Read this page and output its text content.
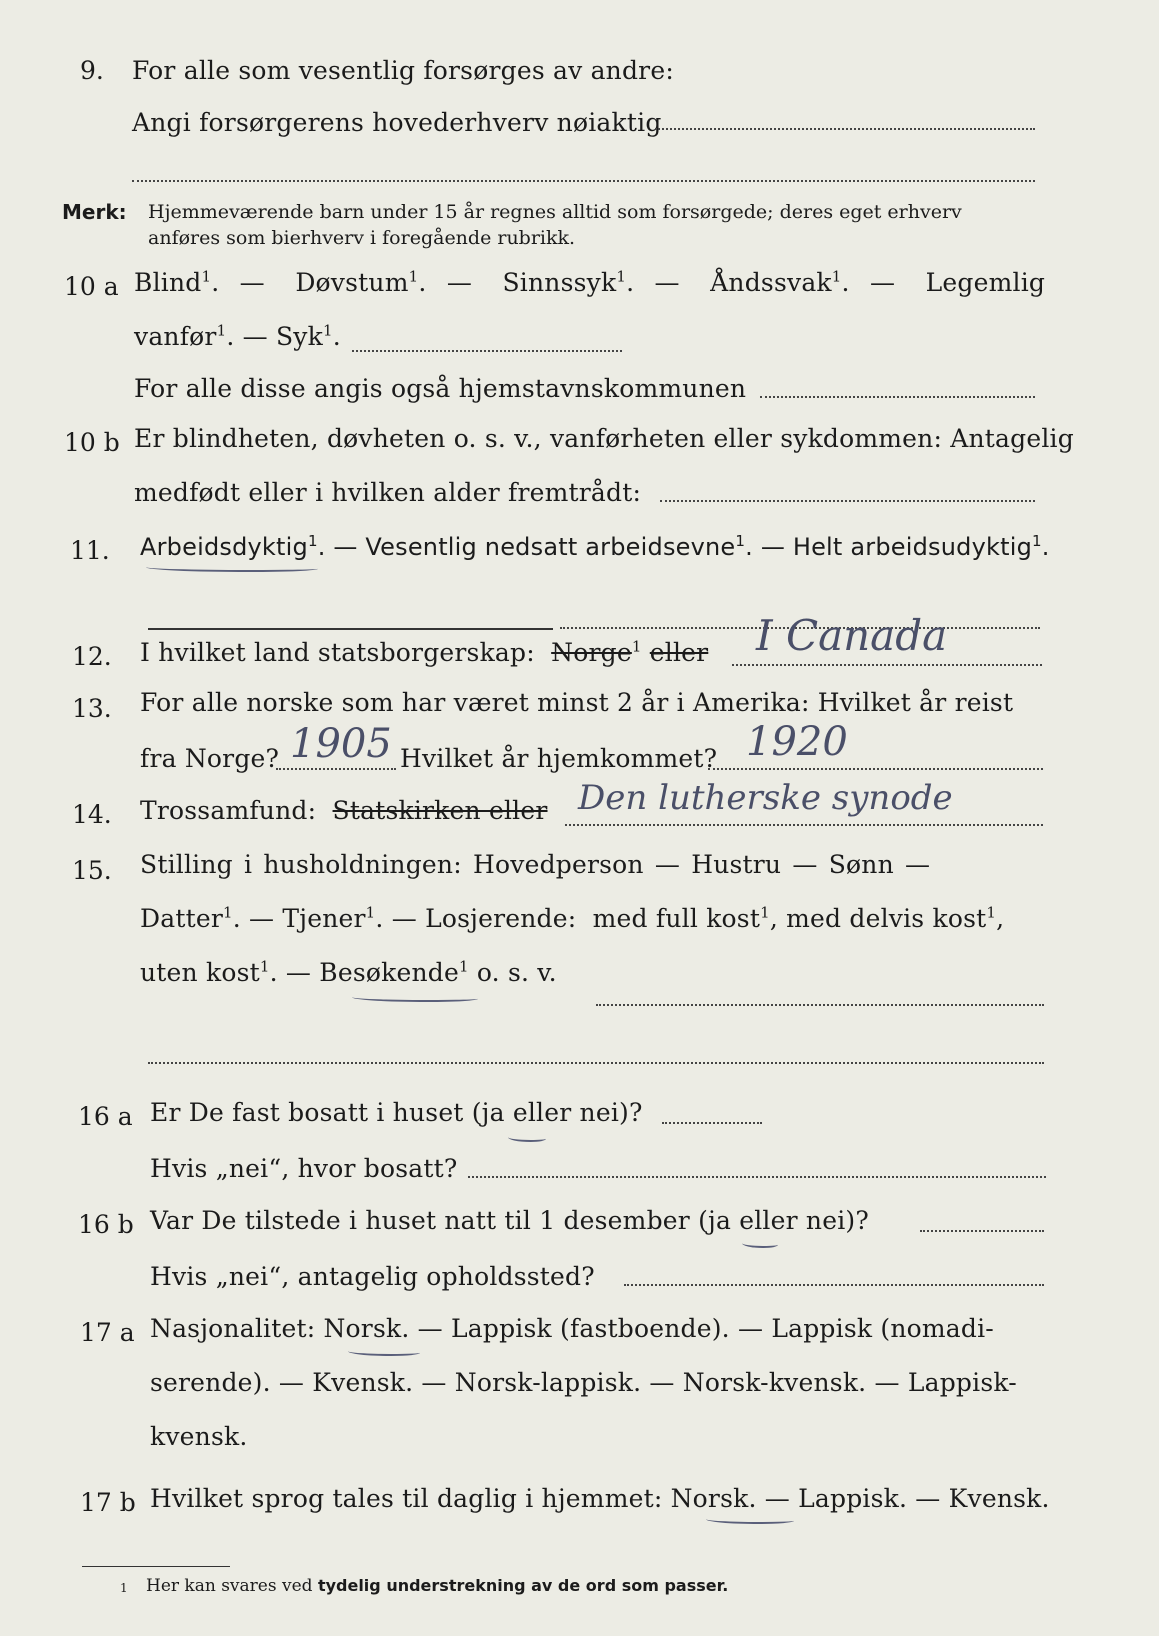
9. For alle som vesentlig forsørges av andre:
Angi forsørgerens hovederhverv nøiaktig
Merk: Hjemmeværende barn under 15 år regnes alltid som forsørgede; deres eget erhverv
anføres som bierhverv i foregående rubrikk.
10 a Blind$^1$.  —   Døvstum$^1$.  —   Sinnssyk$^1$.  —   Åndssvak$^1$.  —   Legemlig
vanfør$^1$. — Syk$^1$.
For alle disse angis også hjemstavnskommunen
10 b Er blindheten, døvheten o. s. v., vanførheten eller sykdommen: Antagelig
medfødt eller i hvilken alder fremtrådt:
11. Arbeidsdyktig$^1$. — Vesentlig nedsatt arbeidsevne$^1$. — Helt arbeidsudyktig$^1$.
12. I hvilket land statsborgerskap: Norge$^1$ eller I Canada
13. For alle norske som har været minst 2 år i Amerika: Hvilket år reist
fra Norge? 1905 Hvilket år hjemkommet? 1920
14. Trossamfund: Statskirken eller Den lutherske synode
15. Stilling i husholdningen: Hovedperson — Hustru — Sønn —
Datter$^1$. — Tjener$^1$. — Losjerende: med full kost$^1$, med delvis kost$^1$,
uten kost$^1$. — Besøkende$^1$ o. s. v.
16 a Er De fast bosatt i huset (ja eller nei)?
Hvis „nei“, hvor bosatt?
16 b Var De tilstede i huset natt til 1 desember (ja eller nei)?
Hvis „nei“, antagelig opholdssted?
17 a Nasjonalitet: Norsk. — Lappisk (fastboende). — Lappisk (nomadi-
serende). — Kvensk. — Norsk-lappisk. — Norsk-kvensk. — Lappisk-
kvensk.
17 b Hvilket sprog tales til daglig i hjemmet: Norsk. — Lappisk. — Kvensk.
1 Her kan svares ved tydelig understrekning av de ord som passer.
